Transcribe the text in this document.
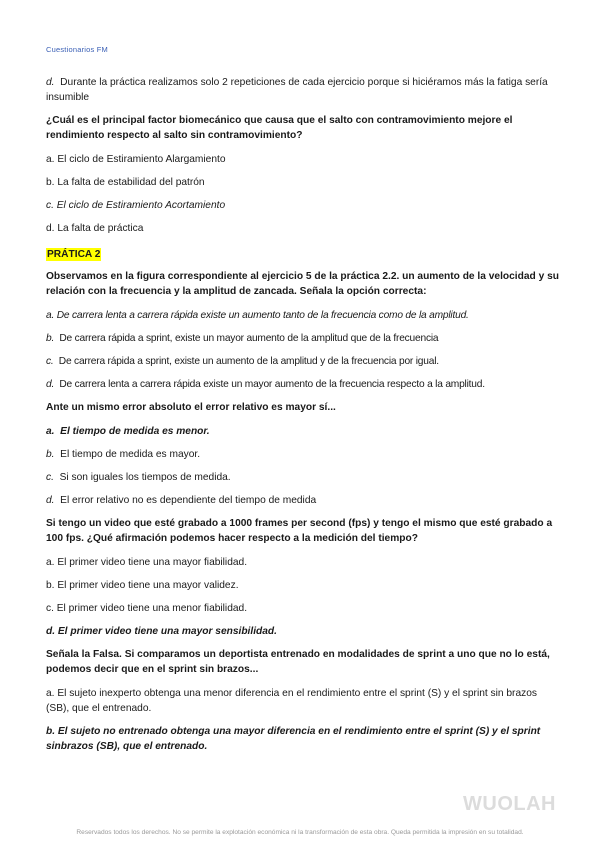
Cuestionarios FM

d. Durante la práctica realizamos solo 2 repeticiones de cada ejercicio porque si hiciéramos más la fatiga sería insumible

¿Cuál es el principal factor biomecánico que causa que el salto con contramovimiento mejore el rendimiento respecto al salto sin contramovimiento?

a. El ciclo de Estiramiento Alargamiento

b. La falta de estabilidad del patrón

c. El ciclo de Estiramiento Acortamiento

d. La falta de práctica

PRÁTICA 2

Observamos en la figura correspondiente al ejercicio 5 de la práctica 2.2. un aumento de la velocidad y su relación con la frecuencia y la amplitud de zancada. Señala la opción correcta:

a. De carrera lenta a carrera rápida existe un aumento tanto de la frecuencia como de la amplitud.

b. De carrera rápida a sprint, existe un mayor aumento de la amplitud que de la frecuencia

c. De carrera rápida a sprint, existe un aumento de la amplitud y de la frecuencia por igual.

d. De carrera lenta a carrera rápida existe un mayor aumento de la frecuencia respecto a la amplitud.

Ante un mismo error absoluto el error relativo es mayor sí...

a. El tiempo de medida es menor.

b. El tiempo de medida es mayor.

c. Si son iguales los tiempos de medida.

d. El error relativo no es dependiente del tiempo de medida

Si tengo un video que esté grabado a 1000 frames per second (fps) y tengo el mismo que esté grabado a 100 fps. ¿Qué afirmación podemos hacer respecto a la medición del tiempo?

a. El primer video tiene una mayor fiabilidad.

b. El primer video tiene una mayor validez.

c. El primer video tiene una menor fiabilidad.

d. El primer video tiene una mayor sensibilidad.

Señala la Falsa. Si comparamos un deportista entrenado en modalidades de sprint a uno que no lo está, podemos decir que en el sprint sin brazos...

a. El sujeto inexperto obtenga una menor diferencia en el rendimiento entre el sprint (S) y el sprint sin brazos (SB), que el entrenado.

b. El sujeto no entrenado obtenga una mayor diferencia en el rendimiento entre el sprint (S) y el sprint sinbrazos (SB), que el entrenado.

WUOLAH
Reservados todos los derechos. No se permite la explotación económica ni la transformación de esta obra. Queda permitida la impresión en su totalidad.
